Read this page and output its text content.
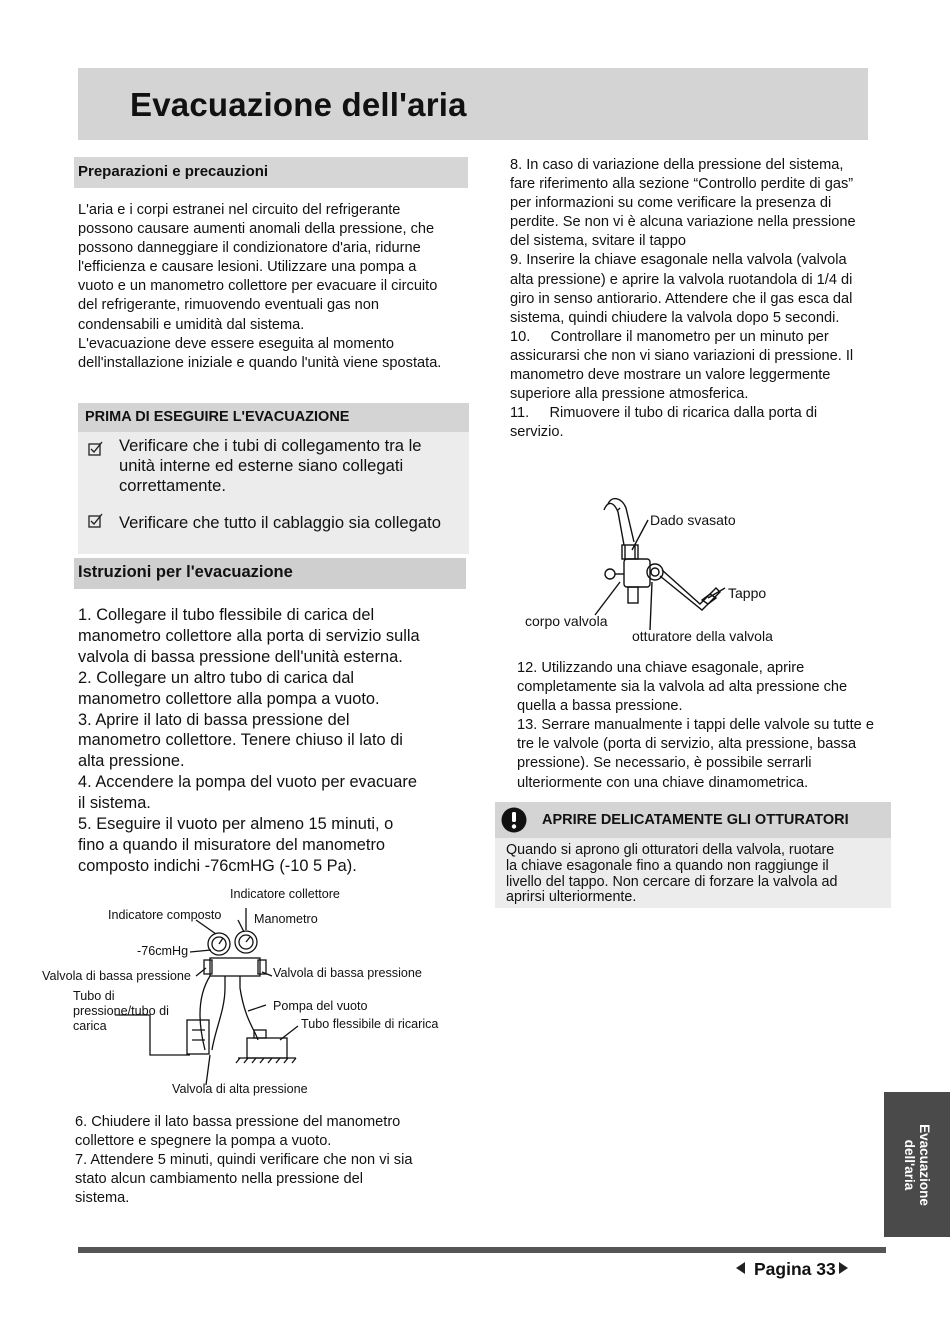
Evacuazione dell'aria
Preparazioni e precauzioni

L'aria e i corpi estranei nel circuito del refrigerante

possono causare aumenti anomali della pressione, che

possono danneggiare il condizionatore d'aria, ridurne

l'efficienza e causare lesioni. Utilizzare una pompa a

vuoto e un manometro collettore per evacuare il circuito

del refrigerante, rimuovendo eventuali gas non

condensabili e umidità dal sistema.

L'evacuazione deve essere eseguita al momento

dell'installazione iniziale e quando l'unità viene spostata.

PRIMA DI ESEGUIRE L'EVACUAZIONE
Verificare che i tubi di collegamento tra le
unità interne ed esterne siano collegati
correttamente.
Verificare che tutto il cablaggio sia collegato
Istruzioni per l'evacuazione

1. Collegare il tubo flessibile di carica del

manometro collettore alla porta di servizio sulla

valvola di bassa pressione dell'unità esterna.

2. Collegare un altro tubo di carica dal

manometro collettore alla pompa a vuoto.

3. Aprire il lato di bassa pressione del

manometro collettore. Tenere chiuso il lato di

alta pressione.

4. Accendere la pompa del vuoto per evacuare

il sistema.

5. Eseguire il vuoto per almeno 15 minuti, o

fino a quando il misuratore del manometro

composto indichi -76cmHG (-10 5 Pa).

Indicatore collettore
Indicatore composto	Manometro
-76cmHg
Valvola di bassa pressione	Valvola di bassa pressione
Tubo di
pressione/tubo di
carica
Pompa del vuoto
Tubo flessibile di ricarica
Valvola di alta pressione

6. Chiudere il lato bassa pressione del manometro

collettore e spegnere la pompa a vuoto.

7. Attendere 5 minuti, quindi verificare che non vi sia

stato alcun cambiamento nella pressione del

sistema.

8. In caso di variazione della pressione del sistema,

fare riferimento alla sezione “Controllo perdite di gas”

per informazioni su come verificare la presenza di

perdite. Se non vi è alcuna variazione nella pressione

del sistema, svitare il tappo

9. Inserire la chiave esagonale nella valvola (valvola

alta pressione) e aprire la valvola ruotandola di 1/4 di

giro in senso antiorario. Attendere che il gas esca dal

sistema, quindi chiudere la valvola dopo 5 secondi.

10.     Controllare il manometro per un minuto per

assicurarsi che non vi siano variazioni di pressione. Il

manometro deve mostrare un valore leggermente

superiore alla pressione atmosferica.

11.     Rimuovere il tubo di ricarica dalla porta di

servizio.

Dado svasato
Tappo
corpo valvola
otturatore della valvola

12. Utilizzando una chiave esagonale, aprire

completamente sia la valvola ad alta pressione che

quella a bassa pressione.

13. Serrare manualmente i tappi delle valvole su tutte e

tre le valvole (porta di servizio, alta pressione, bassa

pressione). Se necessario, è possibile serrarli

ulteriormente con una chiave dinamometrica.

APRIRE DELICATAMENTE GLI OTTURATORI
Quando si aprono gli otturatori della valvola, ruotare
la chiave esagonale fino a quando non raggiunge il
livello del tappo. Non cercare di forzare la valvola ad
aprirsi ulteriormente.
Evacuazione
dell'aria
Pagina 33
